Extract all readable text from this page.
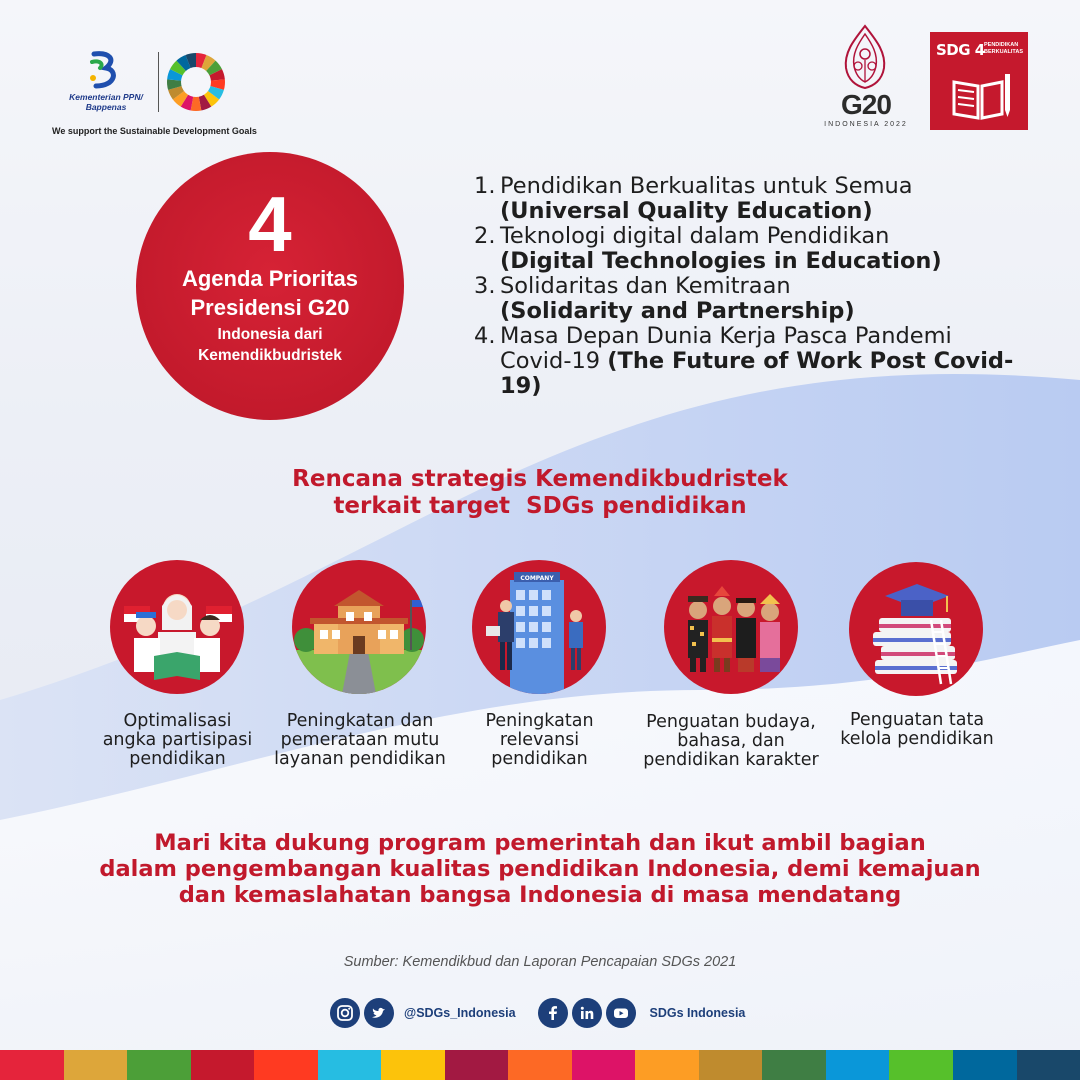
Kementerian PPN/ Bappenas
We support the Sustainable Development Goals
G20
INDONESIA 2022
SDG 4 PENDIDIKAN BERKUALITAS
4
Agenda Prioritas
Presidensi G20
Indonesia dari
Kemendikbudristek
1. Pendidikan Berkualitas untuk Semua
(Universal Quality Education)
2. Teknologi digital dalam Pendidikan
(Digital Technologies in Education)
3. Solidaritas dan Kemitraan
(Solidarity and Partnership)
4. Masa Depan Dunia Kerja Pasca Pandemi Covid-19 (The Future of Work Post Covid-19)
Rencana strategis Kemendikbudristek
terkait target  SDGs pendidikan
COMPANY
Optimalisasi angka partisipasi pendidikan
Peningkatan dan pemerataan mutu layanan pendidikan
Peningkatan relevansi pendidikan
Penguatan budaya, bahasa, dan pendidikan karakter
Penguatan tata kelola pendidikan
Mari kita dukung program pemerintah dan ikut ambil bagian
dalam pengembangan kualitas pendidikan Indonesia, demi kemajuan
dan kemaslahatan bangsa Indonesia di masa mendatang
Sumber: Kemendikbud dan Laporan Pencapaian SDGs 2021
@SDGs_Indonesia	SDGs Indonesia
